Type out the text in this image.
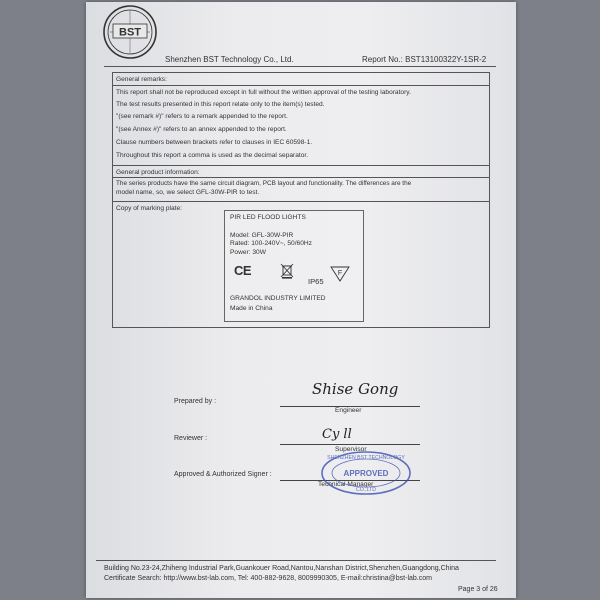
BST
Shenzhen BST Technology Co., Ltd.	Report No.: BST13100322Y-1SR-2
General remarks:
This report shall not be reproduced except in full without the written approval of the testing laboratory.
The test results presented in this report relate only to the item(s) tested.
"(see remark #)" refers to a remark appended to the report.
"(see Annex #)" refers to an annex appended to the report.
Clause numbers between brackets refer to clauses in IEC 60598-1.
Throughout this report a comma is used as the decimal separator.
General product information:
The series products have the same circuit diagram, PCB layout and functionality. The differences are the
model name, so, we select GFL-30W-PIR to test.
Copy of marking plate:
PIR LED FLOOD LIGHTS
Model: GFL-30W-PIR
Rated: 100-240V~, 50/60Hz
Power: 30W
CE
IP65
F
GRANDOL INDUSTRY LIMITED
Made in China
Prepared by :
Engineer
Shise Gong
Reviewer :
Supervisor
Cy ll
Approved & Authorized Signer :
Technical Manager
SHENZHEN BST TECHNOLOGY
APPROVED
CO.,LTD
Building No.23-24,Zhiheng Industrial Park,Guankouer Road,Nantou,Nanshan District,Shenzhen,Guangdong,China
Certificate Search: http://www.bst-lab.com, Tel: 400-882-9628, 8009990305, E-mail:christina@bst-lab.com
Page 3 of 26
